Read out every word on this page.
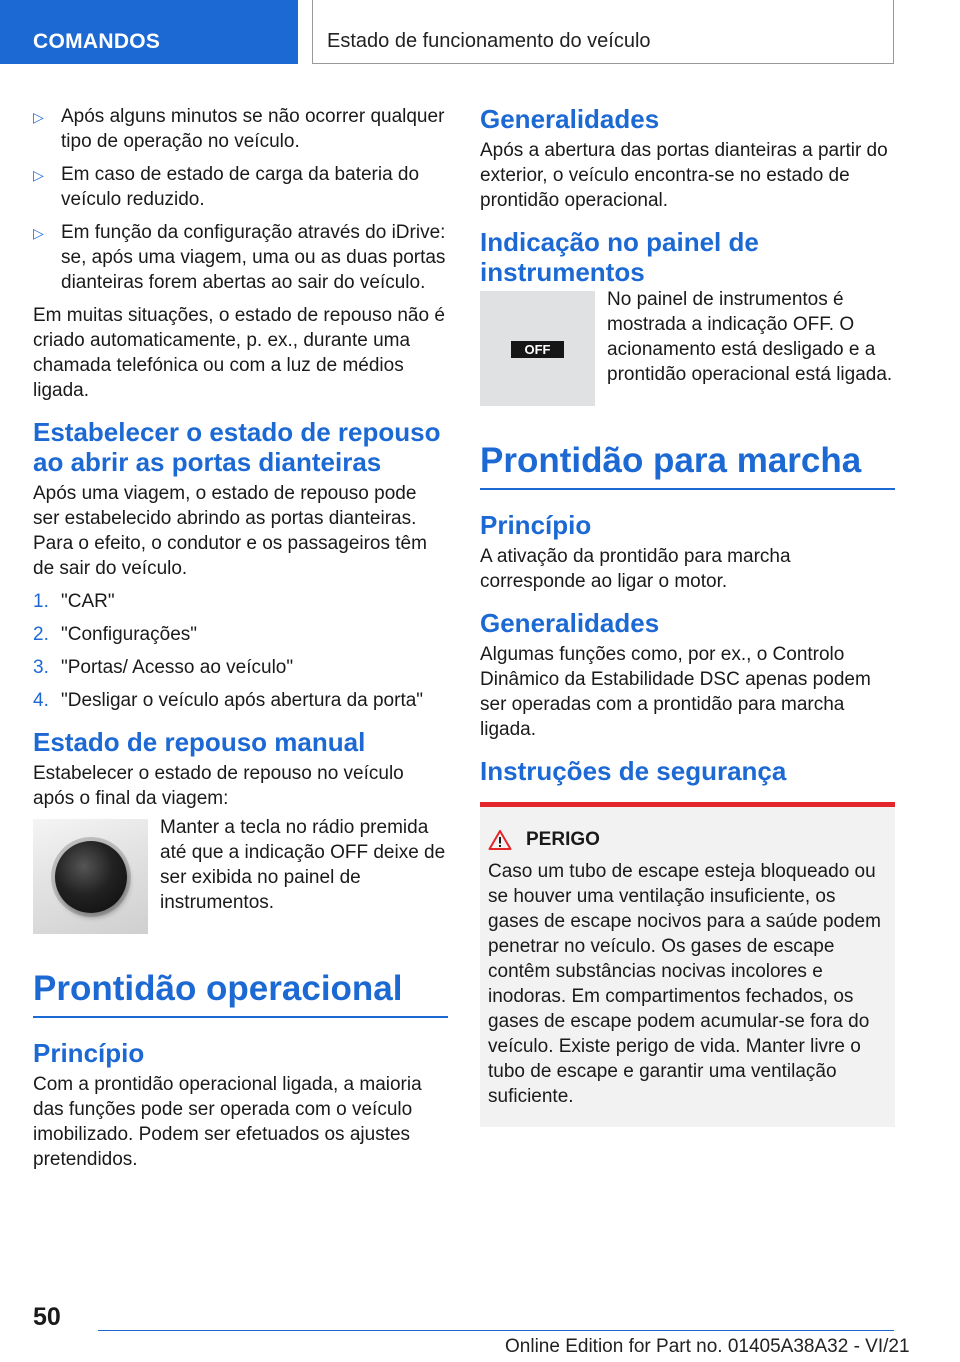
COMANDOS	Estado de funcionamento do veículo
▷ Após alguns minutos se não ocorrer qualquer tipo de operação no veículo.
▷ Em caso de estado de carga da bateria do veículo reduzido.
▷ Em função da configuração através do iDrive: se, após uma viagem, uma ou as duas portas dianteiras forem abertas ao sair do veículo.

Em muitas situações, o estado de repouso não é criado automaticamente, p. ex., durante uma chamada telefónica ou com a luz de médios ligada.

Estabelecer o estado de repouso ao abrir as portas dianteiras

Após uma viagem, o estado de repouso pode ser estabelecido abrindo as portas dianteiras. Para o efeito, o condutor e os passageiros têm de sair do veículo.

1. "CAR"
2. "Configurações"
3. "Portas/ Acesso ao veículo"
4. "Desligar o veículo após abertura da porta"
Estado de repouso manual

Estabelecer o estado de repouso no veículo após o final da viagem:

Manter a tecla no rádio premida até que a indicação OFF deixe de ser exibida no painel de instrumentos.
Prontidão operacional
Princípio

Com a prontidão operacional ligada, a maioria das funções pode ser operada com o veículo imobilizado. Podem ser efetuados os ajustes pretendidos.

Generalidades

Após a abertura das portas dianteiras a partir do exterior, o veículo encontra-se no estado de prontidão operacional.

Indicação no painel de instrumentos
OFF
No painel de instrumentos é mostrada a indicação OFF. O acionamento está desligado e a prontidão operacional está ligada.
Prontidão para marcha
Princípio

A ativação da prontidão para marcha corresponde ao ligar o motor.

Generalidades

Algumas funções como, por ex., o Controlo Dinâmico da Estabilidade DSC apenas podem ser operadas com a prontidão para marcha ligada.

Instruções de segurança
PERIGO

Caso um tubo de escape esteja bloqueado ou se houver uma ventilação insuficiente, os gases de escape nocivos para a saúde podem penetrar no veículo. Os gases de escape contêm substâncias nocivas incolores e inodoras. Em compartimentos fechados, os gases de escape podem acumular-se fora do veículo. Existe perigo de vida. Manter livre o tubo de escape e garantir uma ventilação suficiente.

50
Online Edition for Part no. 01405A38A32 - VI/21
